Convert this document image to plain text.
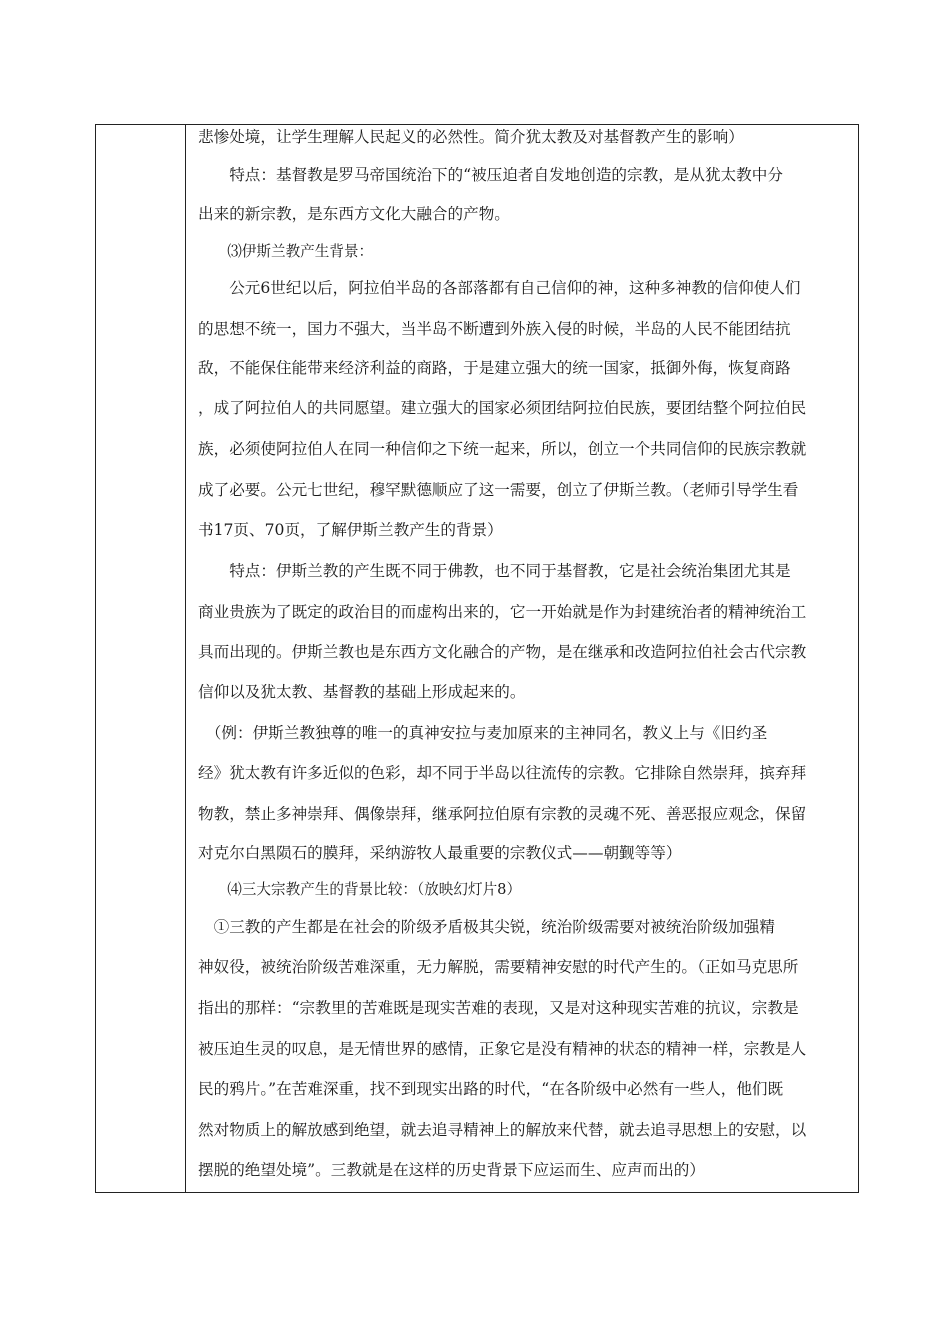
悲惨处境，让学生理解人民起义的必然性。简介犹太教及对基督教产生的影响）
　　特点：基督教是罗马帝国统治下的“被压迫者自发地创造的宗教，是从犹太教中分
出来的新宗教，是东西方文化大融合的产物。
　　⑶伊斯兰教产生背景：
　　公元6世纪以后，阿拉伯半岛的各部落都有自己信仰的神，这种多神教的信仰使人们
的思想不统一，国力不强大，当半岛不断遭到外族入侵的时候，半岛的人民不能团结抗
敌，不能保住能带来经济利益的商路，于是建立强大的统一国家，抵御外侮，恢复商路
，成了阿拉伯人的共同愿望。建立强大的国家必须团结阿拉伯民族，要团结整个阿拉伯民
族，必须使阿拉伯人在同一种信仰之下统一起来，所以，创立一个共同信仰的民族宗教就
成了必要。公元七世纪，穆罕默德顺应了这一需要，创立了伊斯兰教。（老师引导学生看
书17页、70页，了解伊斯兰教产生的背景）
　　特点：伊斯兰教的产生既不同于佛教，也不同于基督教，它是社会统治集团尤其是
商业贵族为了既定的政治目的而虚构出来的，它一开始就是作为封建统治者的精神统治工
具而出现的。伊斯兰教也是东西方文化融合的产物，是在继承和改造阿拉伯社会古代宗教
信仰以及犹太教、基督教的基础上形成起来的。
　（例：伊斯兰教独尊的唯一的真神安拉与麦加原来的主神同名，教义上与《旧约圣
经》犹太教有许多近似的色彩，却不同于半岛以往流传的宗教。它排除自然崇拜，摈弃拜
物教，禁止多神崇拜、偶像崇拜，继承阿拉伯原有宗教的灵魂不死、善恶报应观念，保留
对克尔白黑陨石的膜拜，采纳游牧人最重要的宗教仪式——朝觐等等）
　　⑷三大宗教产生的背景比较：（放映幻灯片8）
　①三教的产生都是在社会的阶级矛盾极其尖锐，统治阶级需要对被统治阶级加强精
神奴役，被统治阶级苦难深重，无力解脱，需要精神安慰的时代产生的。（正如马克思所
指出的那样：“宗教里的苦难既是现实苦难的表现，又是对这种现实苦难的抗议，宗教是
被压迫生灵的叹息，是无情世界的感情，正象它是没有精神的状态的精神一样，宗教是人
民的鸦片。”在苦难深重，找不到现实出路的时代，“在各阶级中必然有一些人，他们既
然对物质上的解放感到绝望，就去追寻精神上的解放来代替，就去追寻思想上的安慰，以
摆脱的绝望处境”。三教就是在这样的历史背景下应运而生、应声而出的）
